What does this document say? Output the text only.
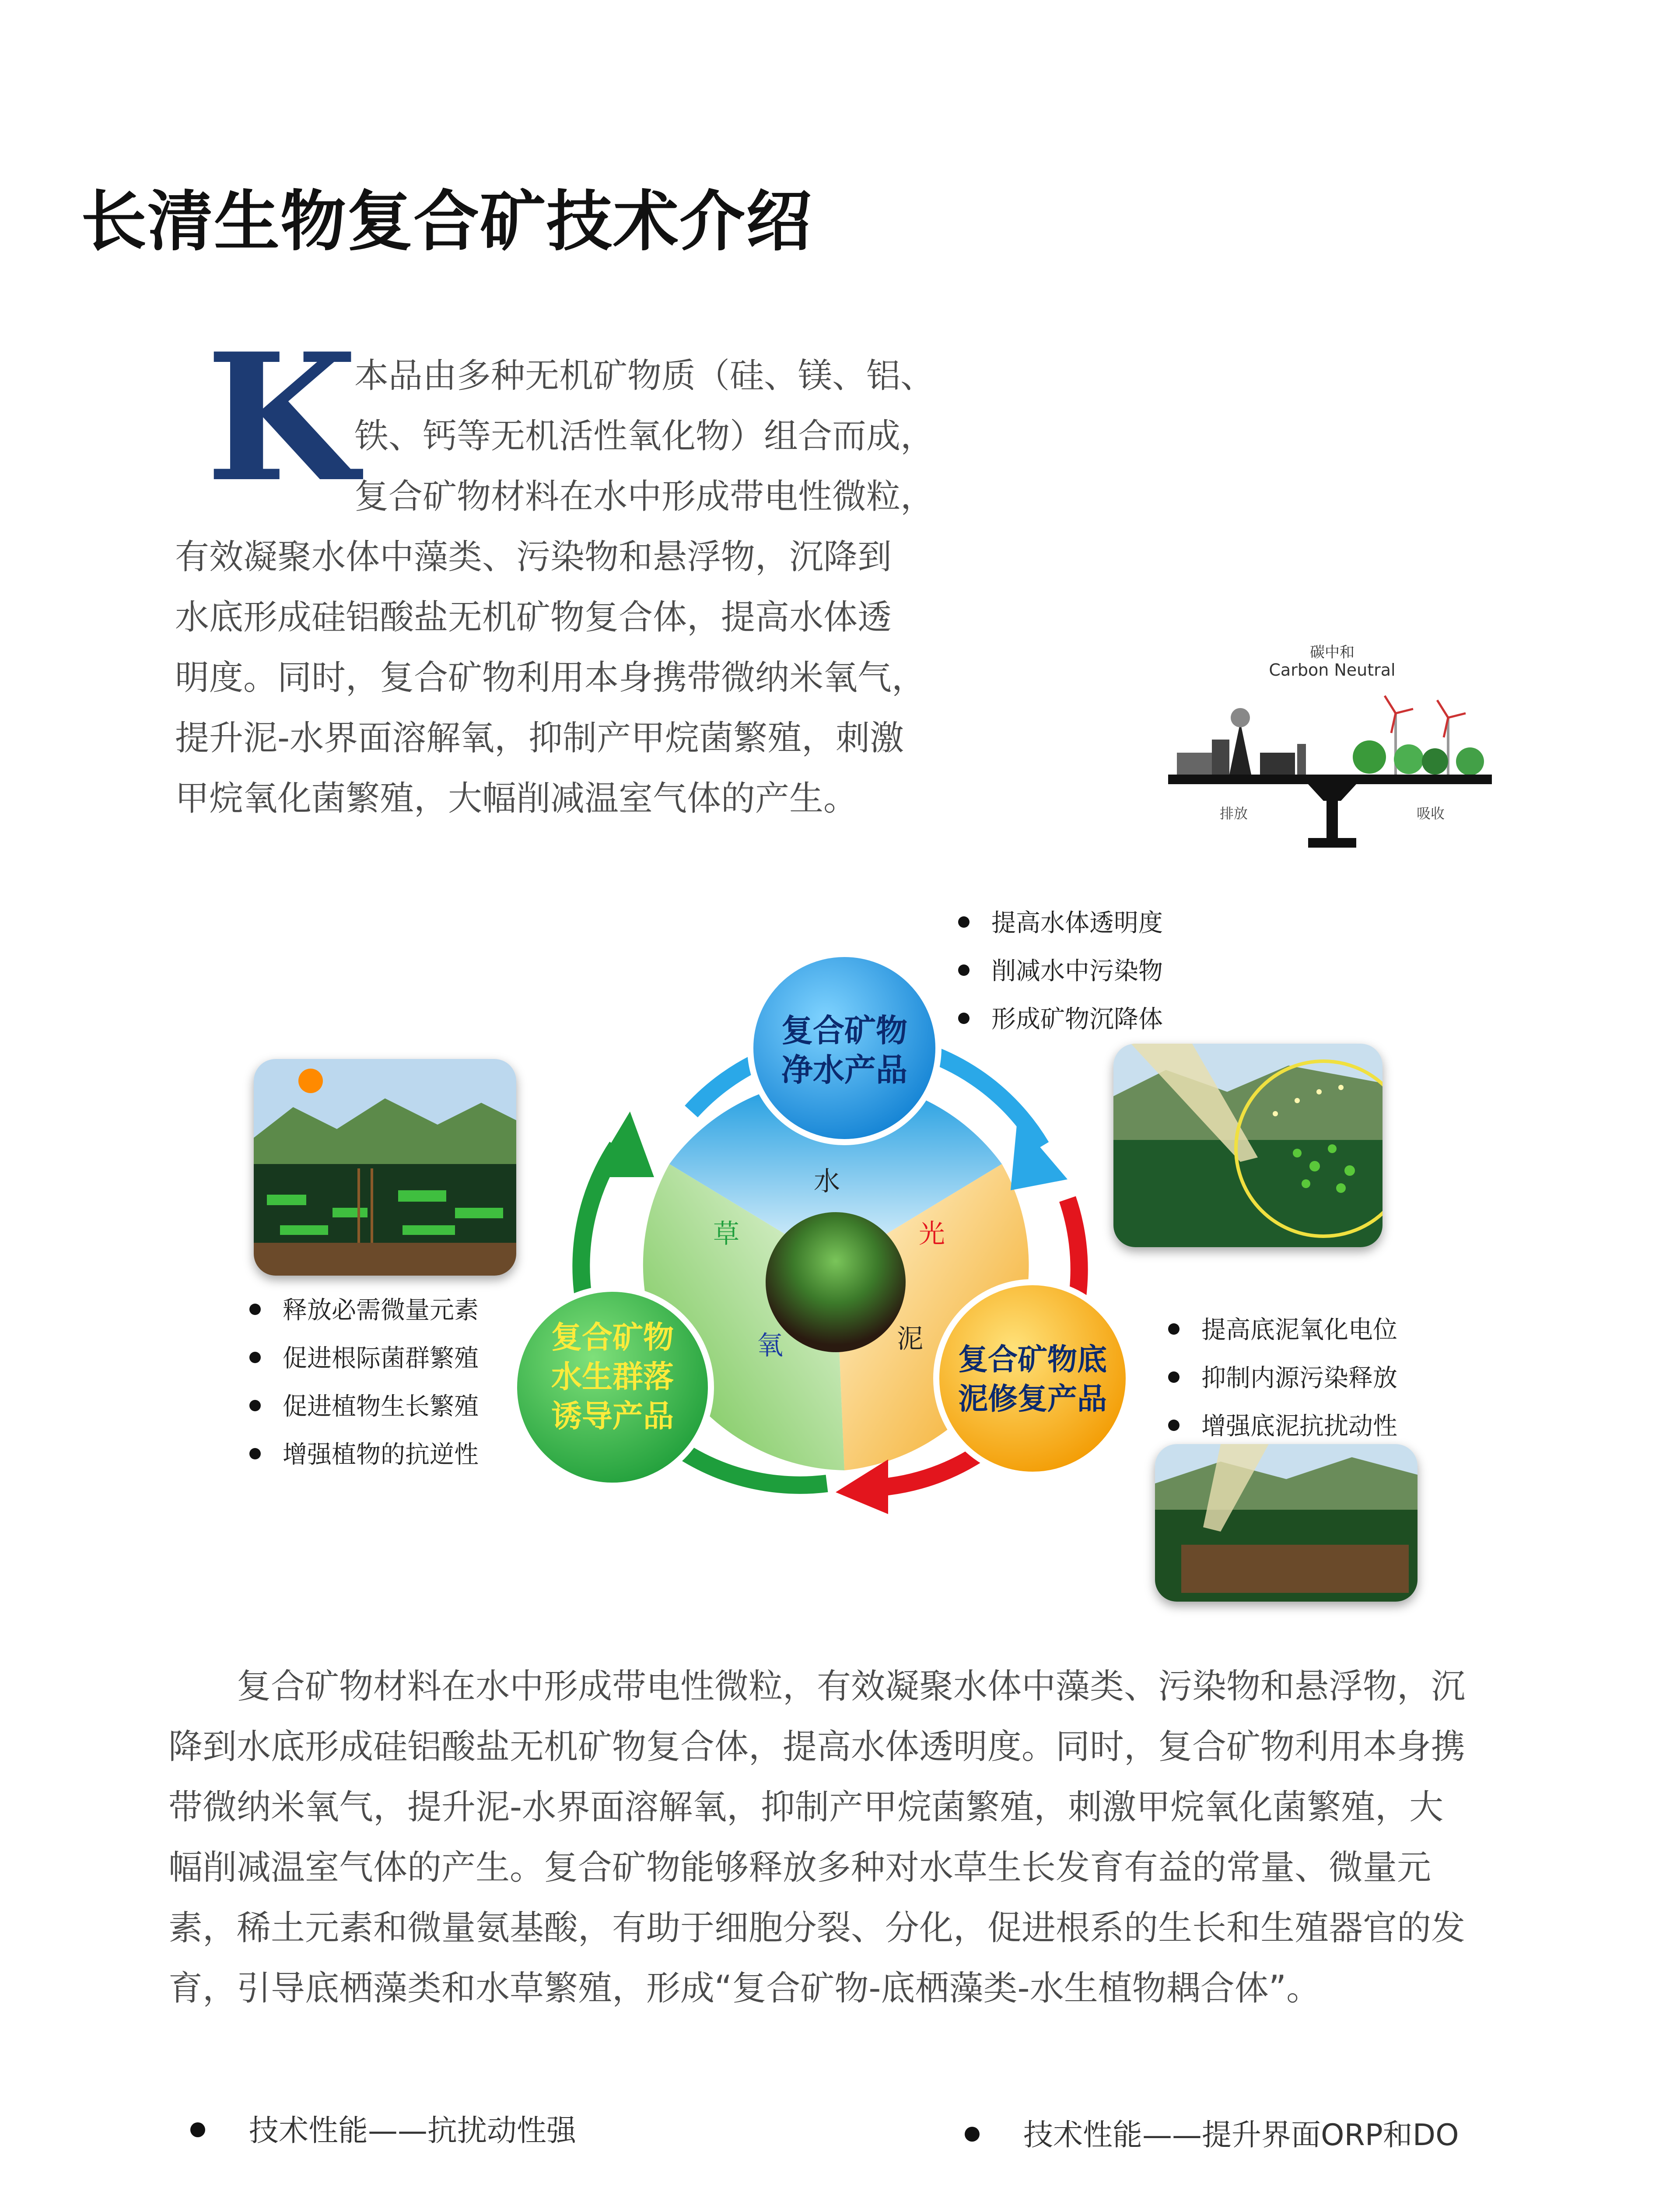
长清生物复合矿技术介绍
K
本品由多种无机矿物质（硅、镁、铝、
铁、钙等无机活性氧化物）组合而成，
复合矿物材料在水中形成带电性微粒，
有效凝聚水体中藻类、污染物和悬浮物，沉降到
水底形成硅铝酸盐无机矿物复合体，提高水体透
明度。同时，复合矿物利用本身携带微纳米氧气，
提升泥-水界面溶解氧，抑制产甲烷菌繁殖，刺激
甲烷氧化菌繁殖，大幅削减温室气体的产生。
碳中和
Carbon Neutral
排放	吸收
水
光
草
泥
氧
复合矿物
净水产品
复合矿物底
泥修复产品
复合矿物
水生群落
诱导产品
提高水体透明度
削减水中污染物
形成矿物沉降体
释放必需微量元素
促进根际菌群繁殖
促进植物生长繁殖
增强植物的抗逆性
提高底泥氧化电位
抑制内源污染释放
增强底泥抗扰动性
　　复合矿物材料在水中形成带电性微粒，有效凝聚水体中藻类、污染物和悬浮物，沉
降到水底形成硅铝酸盐无机矿物复合体，提高水体透明度。同时，复合矿物利用本身携
带微纳米氧气，提升泥-水界面溶解氧，抑制产甲烷菌繁殖，刺激甲烷氧化菌繁殖，大
幅削减温室气体的产生。复合矿物能够释放多种对水草生长发育有益的常量、微量元
素，稀土元素和微量氨基酸，有助于细胞分裂、分化，促进根系的生长和生殖器官的发
育，引导底栖藻类和水草繁殖，形成“复合矿物-底栖藻类-水生植物耦合体”。
技术性能——抗扰动性强	技术性能——提升界面ORP和DO
